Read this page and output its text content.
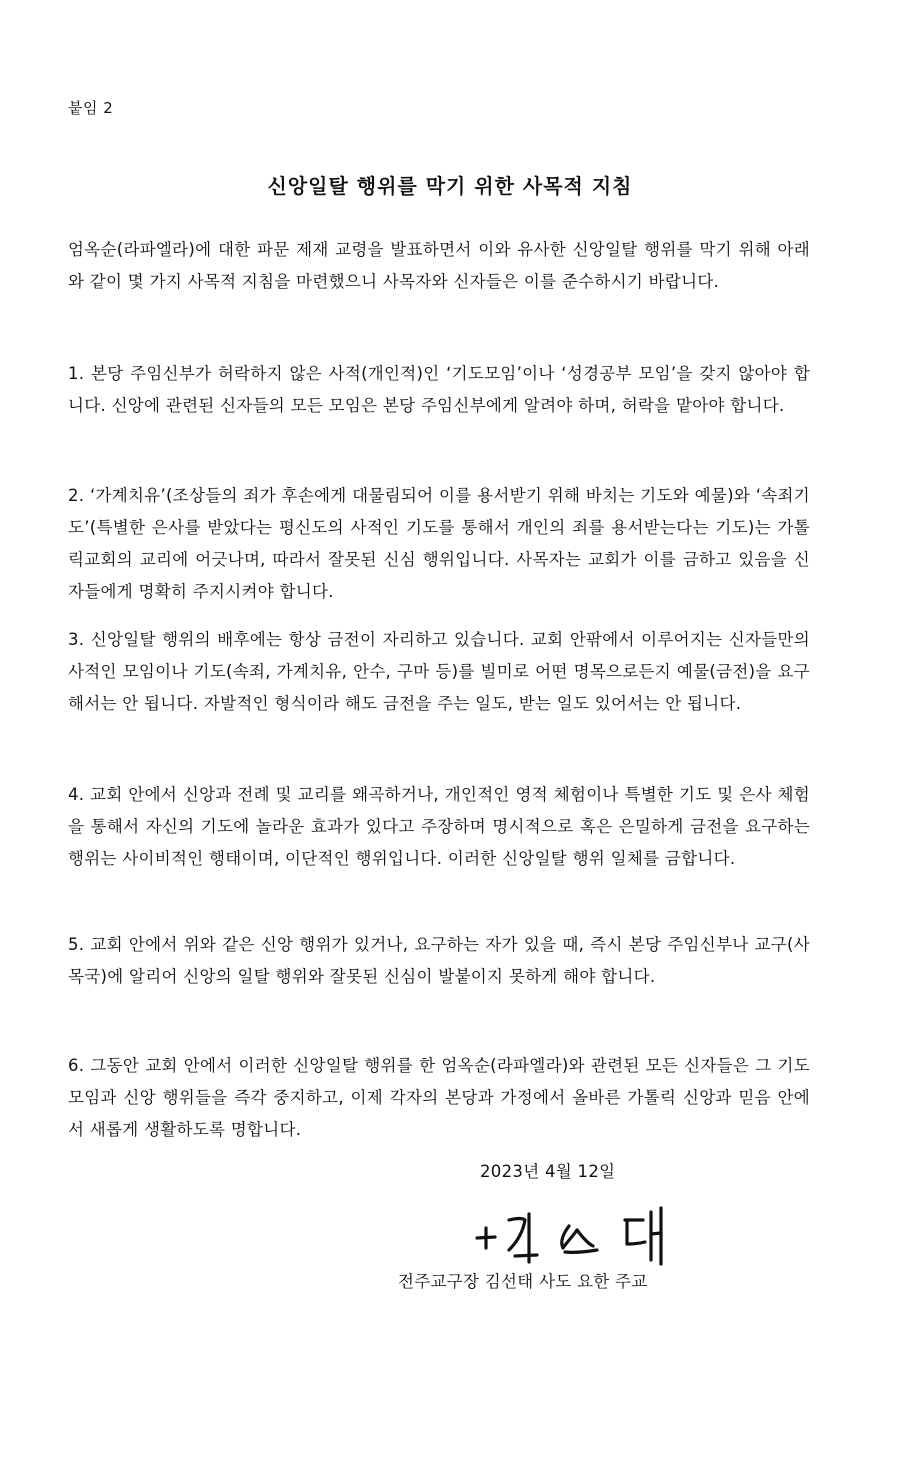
붙임 2
신앙일탈 행위를 막기 위한 사목적 지침
엄옥순(라파엘라)에 대한 파문 제재 교령을 발표하면서 이와 유사한 신앙일탈 행위를 막기 위해 아래와 같이 몇 가지 사목적 지침을 마련했으니 사목자와 신자들은 이를 준수하시기 바랍니다.
1. 본당 주임신부가 허락하지 않은 사적(개인적)인 ‘기도모임’이나 ‘성경공부 모임’을 갖지 않아야 합니다. 신앙에 관련된 신자들의 모든 모임은 본당 주임신부에게 알려야 하며, 허락을 맡아야 합니다.
2. ‘가계치유’(조상들의 죄가 후손에게 대물림되어 이를 용서받기 위해 바치는 기도와 예물)와 ‘속죄기도’(특별한 은사를 받았다는 평신도의 사적인 기도를 통해서 개인의 죄를 용서받는다는 기도)는 가톨릭교회의 교리에 어긋나며, 따라서 잘못된 신심 행위입니다. 사목자는 교회가 이를 금하고 있음을 신자들에게 명확히 주지시켜야 합니다.
3. 신앙일탈 행위의 배후에는 항상 금전이 자리하고 있습니다. 교회 안팎에서 이루어지는 신자들만의 사적인 모임이나 기도(속죄, 가계치유, 안수, 구마 등)를 빌미로 어떤 명목으로든지 예물(금전)을 요구해서는 안 됩니다. 자발적인 형식이라 해도 금전을 주는 일도, 받는 일도 있어서는 안 됩니다.
4. 교회 안에서 신앙과 전례 및 교리를 왜곡하거나, 개인적인 영적 체험이나 특별한 기도 및 은사 체험을 통해서 자신의 기도에 놀라운 효과가 있다고 주장하며 명시적으로 혹은 은밀하게 금전을 요구하는 행위는 사이비적인 행태이며, 이단적인 행위입니다. 이러한 신앙일탈 행위 일체를 금합니다.
5. 교회 안에서 위와 같은 신앙 행위가 있거나, 요구하는 자가 있을 때, 즉시 본당 주임신부나 교구(사목국)에 알리어 신앙의 일탈 행위와 잘못된 신심이 발붙이지 못하게 해야 합니다.
6. 그동안 교회 안에서 이러한 신앙일탈 행위를 한 엄옥순(라파엘라)와 관련된 모든 신자들은 그 기도모임과 신앙 행위들을 즉각 중지하고, 이제 각자의 본당과 가정에서 올바른 가톨릭 신앙과 믿음 안에서 새롭게 생활하도록 명합니다.
2023년 4월 12일
+ 김선태
전주교구장 김선태 사도 요한 주교
